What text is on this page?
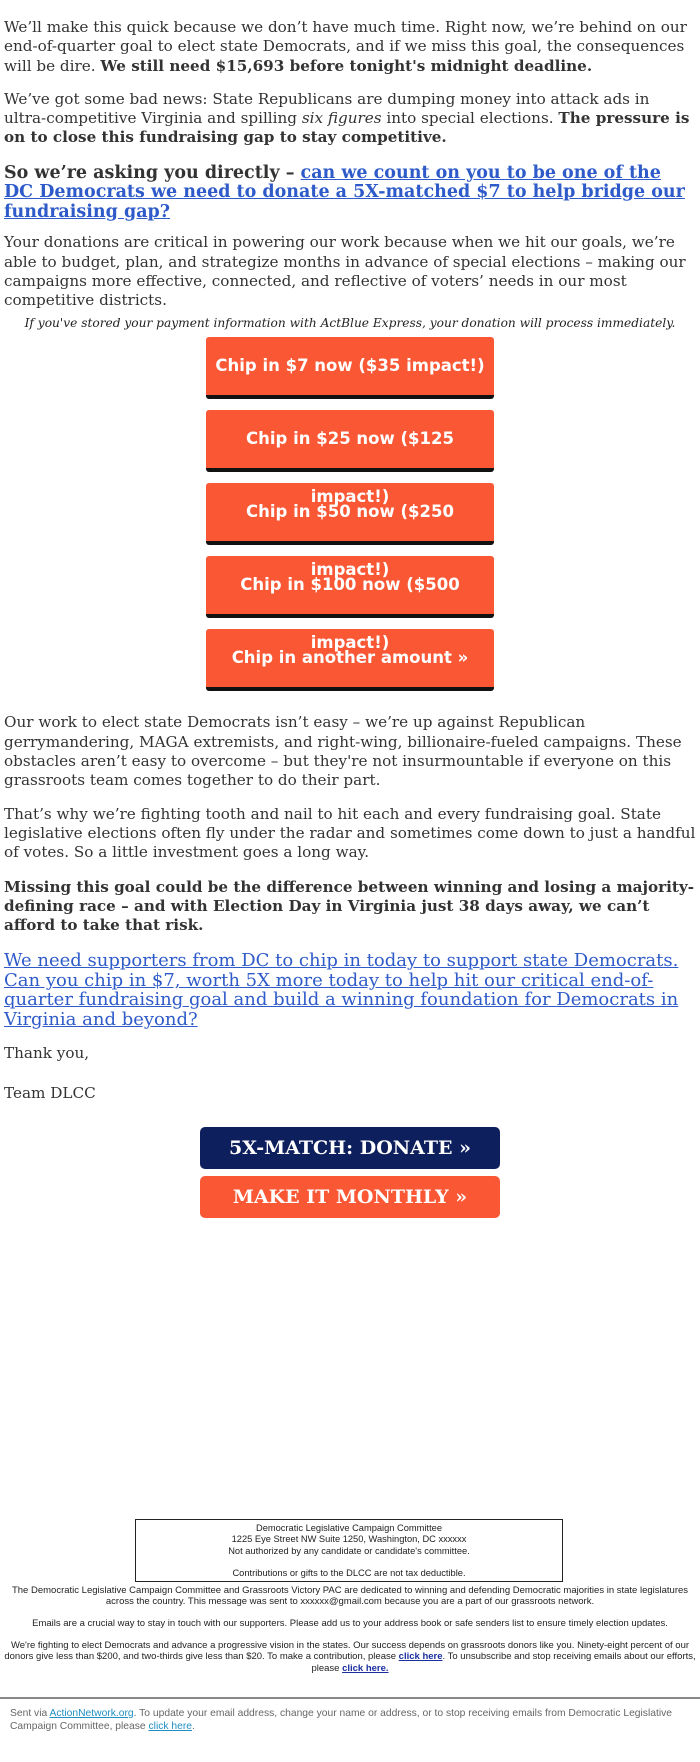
We’ll make this quick because we don’t have much time. Right now, we’re behind on our end-of-quarter goal to elect state Democrats, and if we miss this goal, the consequences will be dire. We still need $15,693 before tonight's midnight deadline.

We’ve got some bad news: State Republicans are dumping money into attack ads in ultra-competitive Virginia and spilling six figures into special elections. The pressure is on to close this fundraising gap to stay competitive.

So we’re asking you directly – can we count on you to be one of the DC Democrats we need to donate a 5X-matched $7 to help bridge our fundraising gap?

Your donations are critical in powering our work because when we hit our goals, we’re able to budget, plan, and strategize months in advance of special elections – making our campaigns more effective, connected, and reflective of voters’ needs in our most competitive districts.

If you've stored your payment information with ActBlue Express, your donation will process immediately.

Chip in $7 now ($35 impact!)
Chip in $25 now ($125
Chip in $50 now ($250
Chip in $100 now ($500
Chip in another amount »

Our work to elect state Democrats isn’t easy – we’re up against Republican gerrymandering, MAGA extremists, and right-wing, billionaire-fueled campaigns. These obstacles aren’t easy to overcome – but they're not insurmountable if everyone on this grassroots team comes together to do their part.

That’s why we’re fighting tooth and nail to hit each and every fundraising goal. State legislative elections often fly under the radar and sometimes come down to just a handful of votes. So a little investment goes a long way.

Missing this goal could be the difference between winning and losing a majority-defining race – and with Election Day in Virginia just 38 days away, we can’t afford to take that risk.

We need supporters from DC to chip in today to support state Democrats. Can you chip in $7, worth 5X more today to help hit our critical end-of-quarter fundraising goal and build a winning foundation for Democrats in Virginia and beyond?

Thank you,

Team DLCC

5X-MATCH: DONATE »
MAKE IT MONTHLY »
Democratic Legislative Campaign Committee
1225 Eye Street NW Suite 1250, Washington, DC xxxxxx
Not authorized by any candidate or candidate's committee.
Contributions or gifts to the DLCC are not tax deductible.

The Democratic Legislative Campaign Committee and Grassroots Victory PAC are dedicated to winning and defending Democratic majorities in state legislatures across the country. This message was sent to xxxxxx@gmail.com because you are a part of our grassroots network.

Emails are a crucial way to stay in touch with our supporters. Please add us to your address book or safe senders list to ensure timely election updates.

We're fighting to elect Democrats and advance a progressive vision in the states. Our success depends on grassroots donors like you. Ninety-eight percent of our donors give less than $200, and two-thirds give less than $20. To make a contribution, please click here. To unsubscribe and stop receiving emails about our efforts, please click here.

Sent via ActionNetwork.org. To update your email address, change your name or address, or to stop receiving emails from Democratic Legislative Campaign Committee, please click here.
